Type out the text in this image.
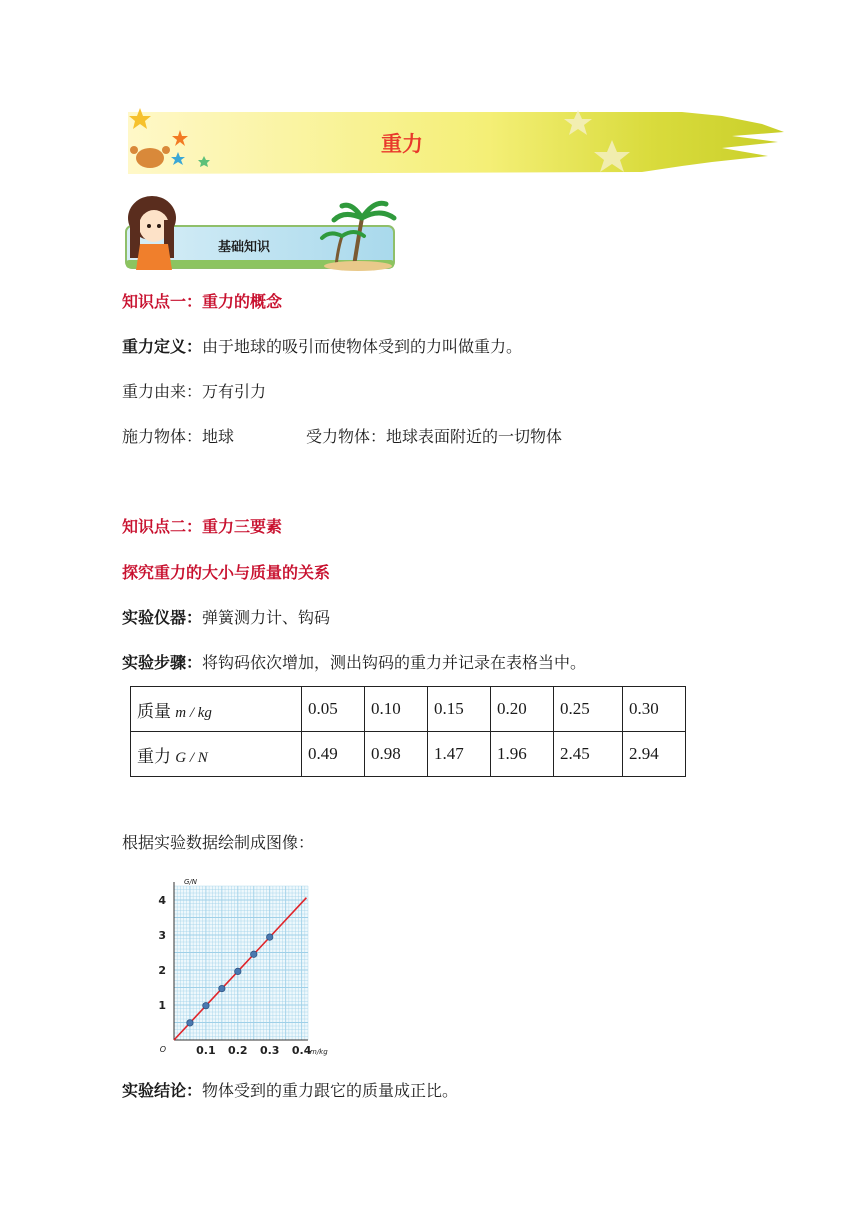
重力
基础知识
知识点一：重力的概念
重力定义：由于地球的吸引而使物体受到的力叫做重力。
重力由来：万有引力
施力物体：地球	受力物体：地球表面附近的一切物体
知识点二：重力三要素
探究重力的大小与质量的关系
实验仪器：弹簧测力计、钩码
实验步骤：将钩码依次增加，测出钩码的重力并记录在表格当中。
质量 m / kg	0.05	0.10	0.15	0.20	0.25	0.30
重力 G / N	0.49	0.98	1.47	1.96	2.45	2.94
根据实验数据绘制成图像：
0.1 0.2 0.3 0.4
1
2
3
4
O
G/N
m/kg
实验结论：物体受到的重力跟它的质量成正比。
